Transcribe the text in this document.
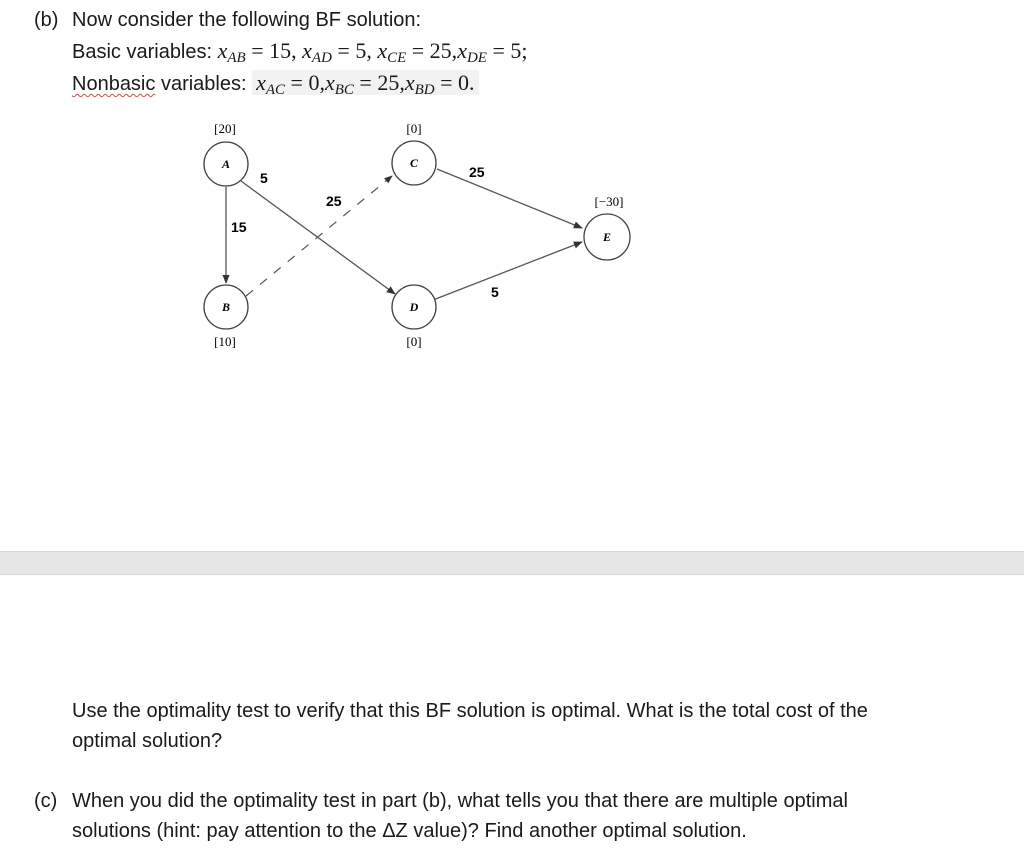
(b) Now consider the following BF solution:
Basic variables: $x_{AB} = 15$, $x_{AD} = 5$, $x_{CE} = 25,x_{DE} = 5$;
Nonbasic variables: $x_{AC} = 0,x_{BC} = 25,x_{BD} = 0$.
15
5
25
25
5
A
[20]
B
[10]
C
[0]
D
[0]
E
[−30]
Use the optimality test to verify that this BF solution is optimal. What is the total cost of the
optimal solution?
(c) When you did the optimality test in part (b), what tells you that there are multiple optimal
solutions (hint: pay attention to the ΔZ value)? Find another optimal solution.
